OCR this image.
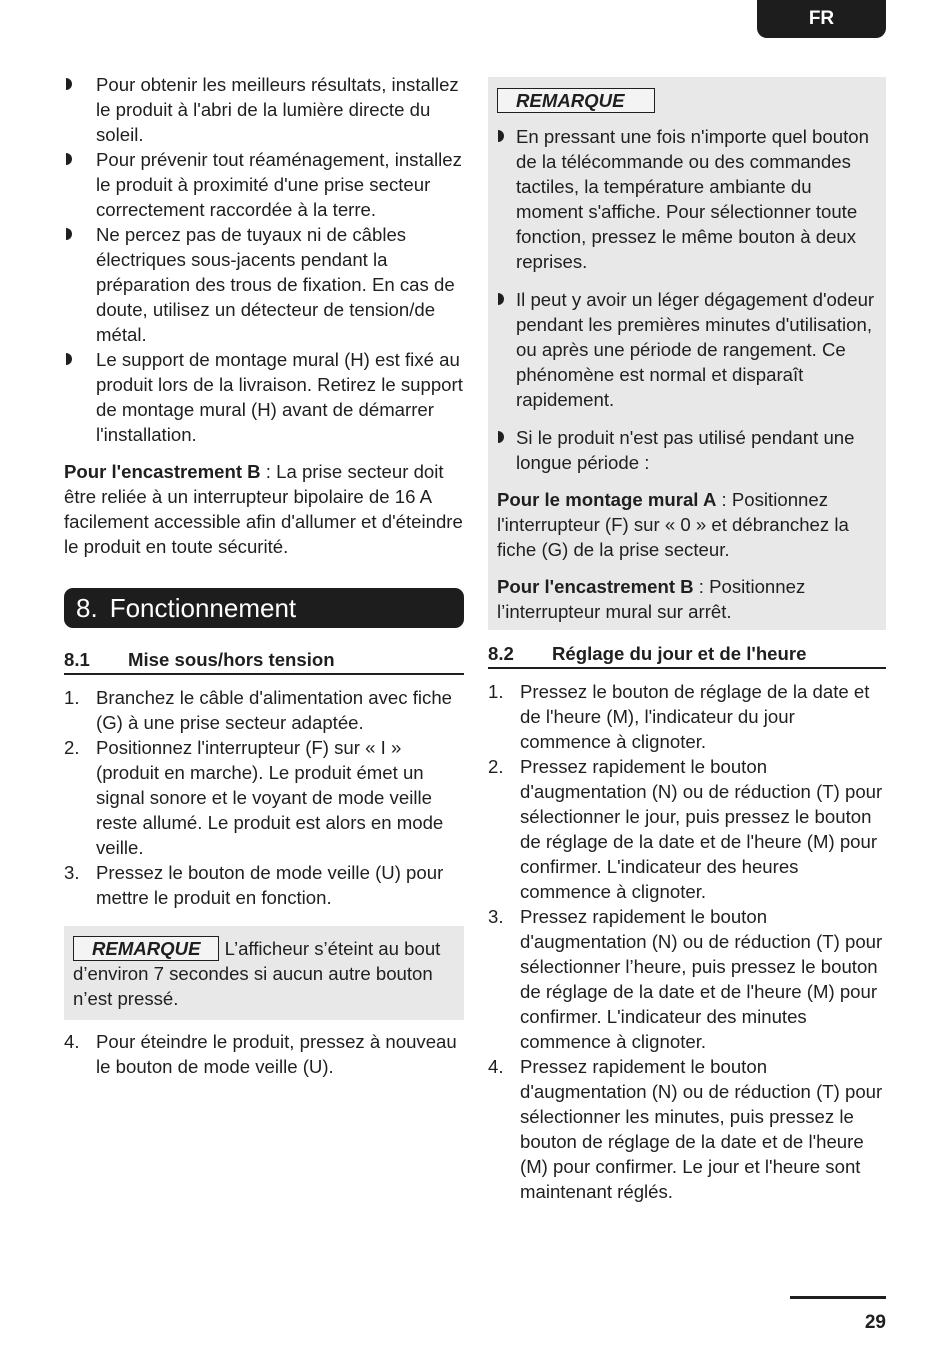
FR
Pour obtenir les meilleurs résultats, installez le produit à l'abri de la lumière directe du soleil.
Pour prévenir tout réaménagement, installez le produit à proximité d'une prise secteur correctement raccordée à la terre.
Ne percez pas de tuyaux ni de câbles électriques sous-jacents pendant la préparation des trous de fixation. En cas de doute, utilisez un détecteur de tension/de métal.
Le support de montage mural (H) est fixé au produit lors de la livraison. Retirez le support de montage mural (H) avant de démarrer l'installation.

Pour l'encastrement B : La prise secteur doit être reliée à un interrupteur bipolaire de 16 A facilement accessible afin d'allumer et d'éteindre le produit en toute sécurité.

8. Fonctionnement
8.1 Mise sous/hors tension
1. Branchez le câble d'alimentation avec fiche (G) à une prise secteur adaptée.
2. Positionnez l'interrupteur (F) sur « I » (produit en marche). Le produit émet un signal sonore et le voyant de mode veille reste allumé. Le produit est alors en mode veille.
3. Pressez le bouton de mode veille (U) pour mettre le produit en fonction.
REMARQUE L’afficheur s’éteint au bout d’environ 7 secondes si aucun autre bouton n’est pressé.
4. Pour éteindre le produit, pressez à nouveau le bouton de mode veille (U).
REMARQUE
En pressant une fois n'importe quel bouton de la télécommande ou des commandes tactiles, la température ambiante du moment s'affiche. Pour sélectionner toute fonction, pressez le même bouton à deux reprises.
Il peut y avoir un léger dégagement d'odeur pendant les premières minutes d'utilisation, ou après une période de rangement. Ce phénomène est normal et disparaît rapidement.
Si le produit n'est pas utilisé pendant une longue période :

Pour le montage mural A : Positionnez l'interrupteur (F) sur « 0 » et débranchez la fiche (G) de la prise secteur.

Pour l'encastrement B : Positionnez l’interrupteur mural sur arrêt.

8.2 Réglage du jour et de l'heure
1. Pressez le bouton de réglage de la date et de l'heure (M), l'indicateur du jour commence à clignoter.
2. Pressez rapidement le bouton d'augmentation (N) ou de réduction (T) pour sélectionner le jour, puis pressez le bouton de réglage de la date et de l'heure (M) pour confirmer. L'indicateur des heures commence à clignoter.
3. Pressez rapidement le bouton d'augmentation (N) ou de réduction (T) pour sélectionner l’heure, puis pressez le bouton de réglage de la date et de l'heure (M) pour confirmer. L'indicateur des minutes commence à clignoter.
4. Pressez rapidement le bouton d'augmentation (N) ou de réduction (T) pour sélectionner les minutes, puis pressez le bouton de réglage de la date et de l'heure (M) pour confirmer. Le jour et l'heure sont maintenant réglés.
29
